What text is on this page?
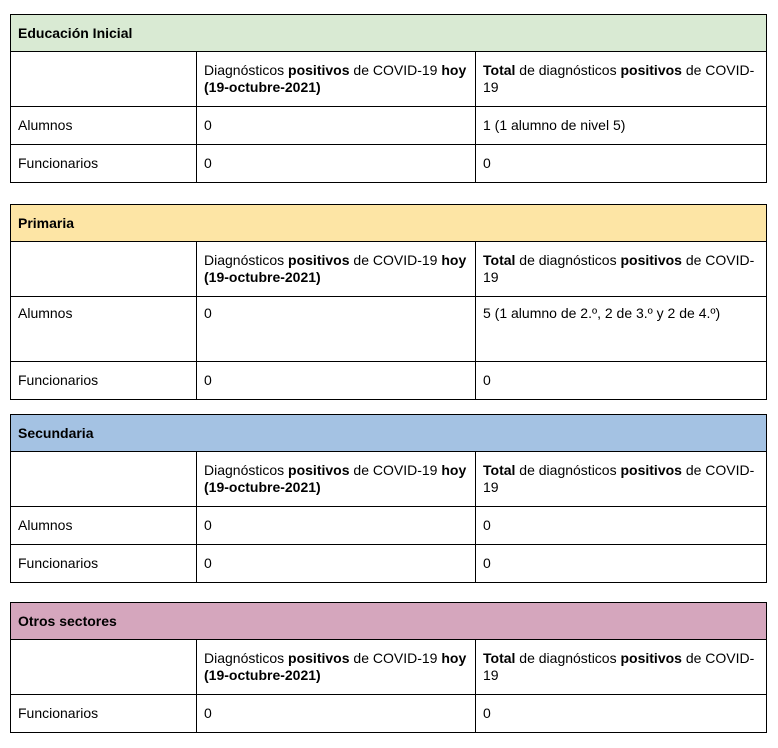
Educación Inicial		
	Diagnósticos positivos de COVID-19 hoy (19-octubre-2021)	Total de diagnósticos positivos de COVID-19
Alumnos	0	1 (1 alumno de nivel 5)
Funcionarios	0	0
Primaria		
	Diagnósticos positivos de COVID-19 hoy (19-octubre-2021)	Total de diagnósticos positivos de COVID-19
Alumnos	0	5 (1 alumno de 2.º, 2 de 3.º y 2 de 4.º)
Funcionarios	0	0
Secundaria		
	Diagnósticos positivos de COVID-19 hoy (19-octubre-2021)	Total de diagnósticos positivos de COVID-19
Alumnos	0	0
Funcionarios	0	0
Otros sectores		
	Diagnósticos positivos de COVID-19 hoy (19-octubre-2021)	Total de diagnósticos positivos de COVID-19
Funcionarios	0	0
